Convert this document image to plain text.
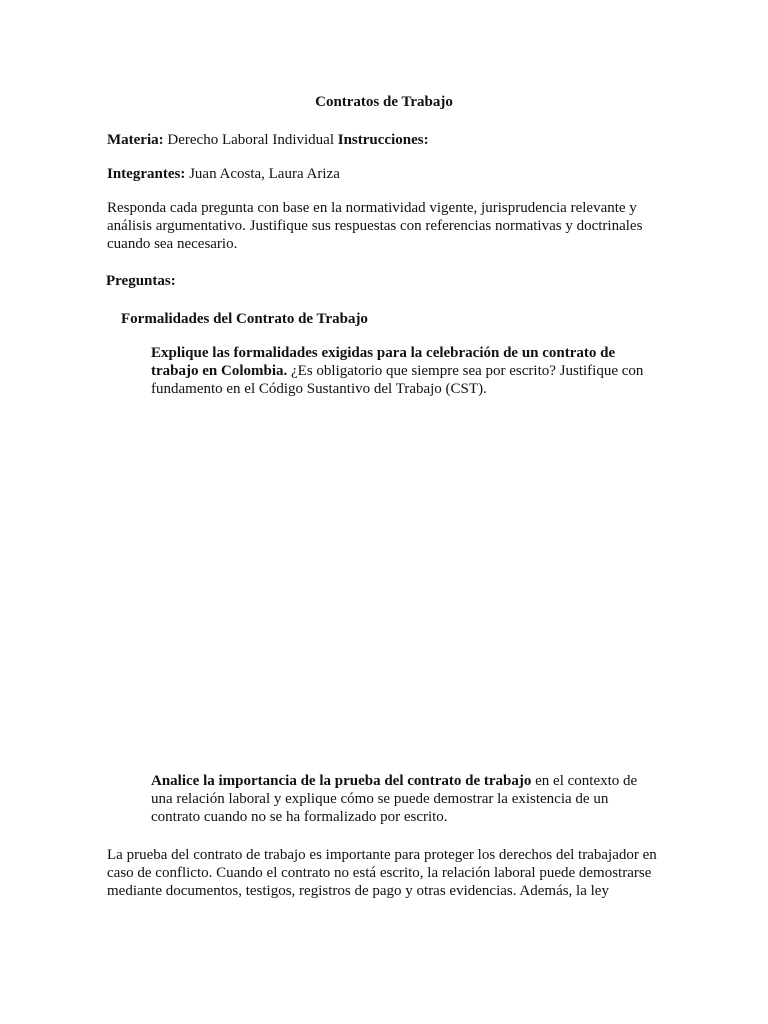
Contratos de Trabajo

Materia: Derecho Laboral Individual Instrucciones:

Integrantes: Juan Acosta, Laura Ariza

Responda cada pregunta con base en la normatividad vigente, jurisprudencia relevante y análisis argumentativo. Justifique sus respuestas con referencias normativas y doctrinales cuando sea necesario.

Preguntas:

Formalidades del Contrato de Trabajo

Explique las formalidades exigidas para la celebración de un contrato de trabajo en Colombia. ¿Es obligatorio que siempre sea por escrito? Justifique con fundamento en el Código Sustantivo del Trabajo (CST).

Analice la importancia de la prueba del contrato de trabajo en el contexto de una relación laboral y explique cómo se puede demostrar la existencia de un contrato cuando no se ha formalizado por escrito.

La prueba del contrato de trabajo es importante para proteger los derechos del trabajador en caso de conflicto. Cuando el contrato no está escrito, la relación laboral puede demostrarse mediante documentos, testigos, registros de pago y otras evidencias. Además, la ley
